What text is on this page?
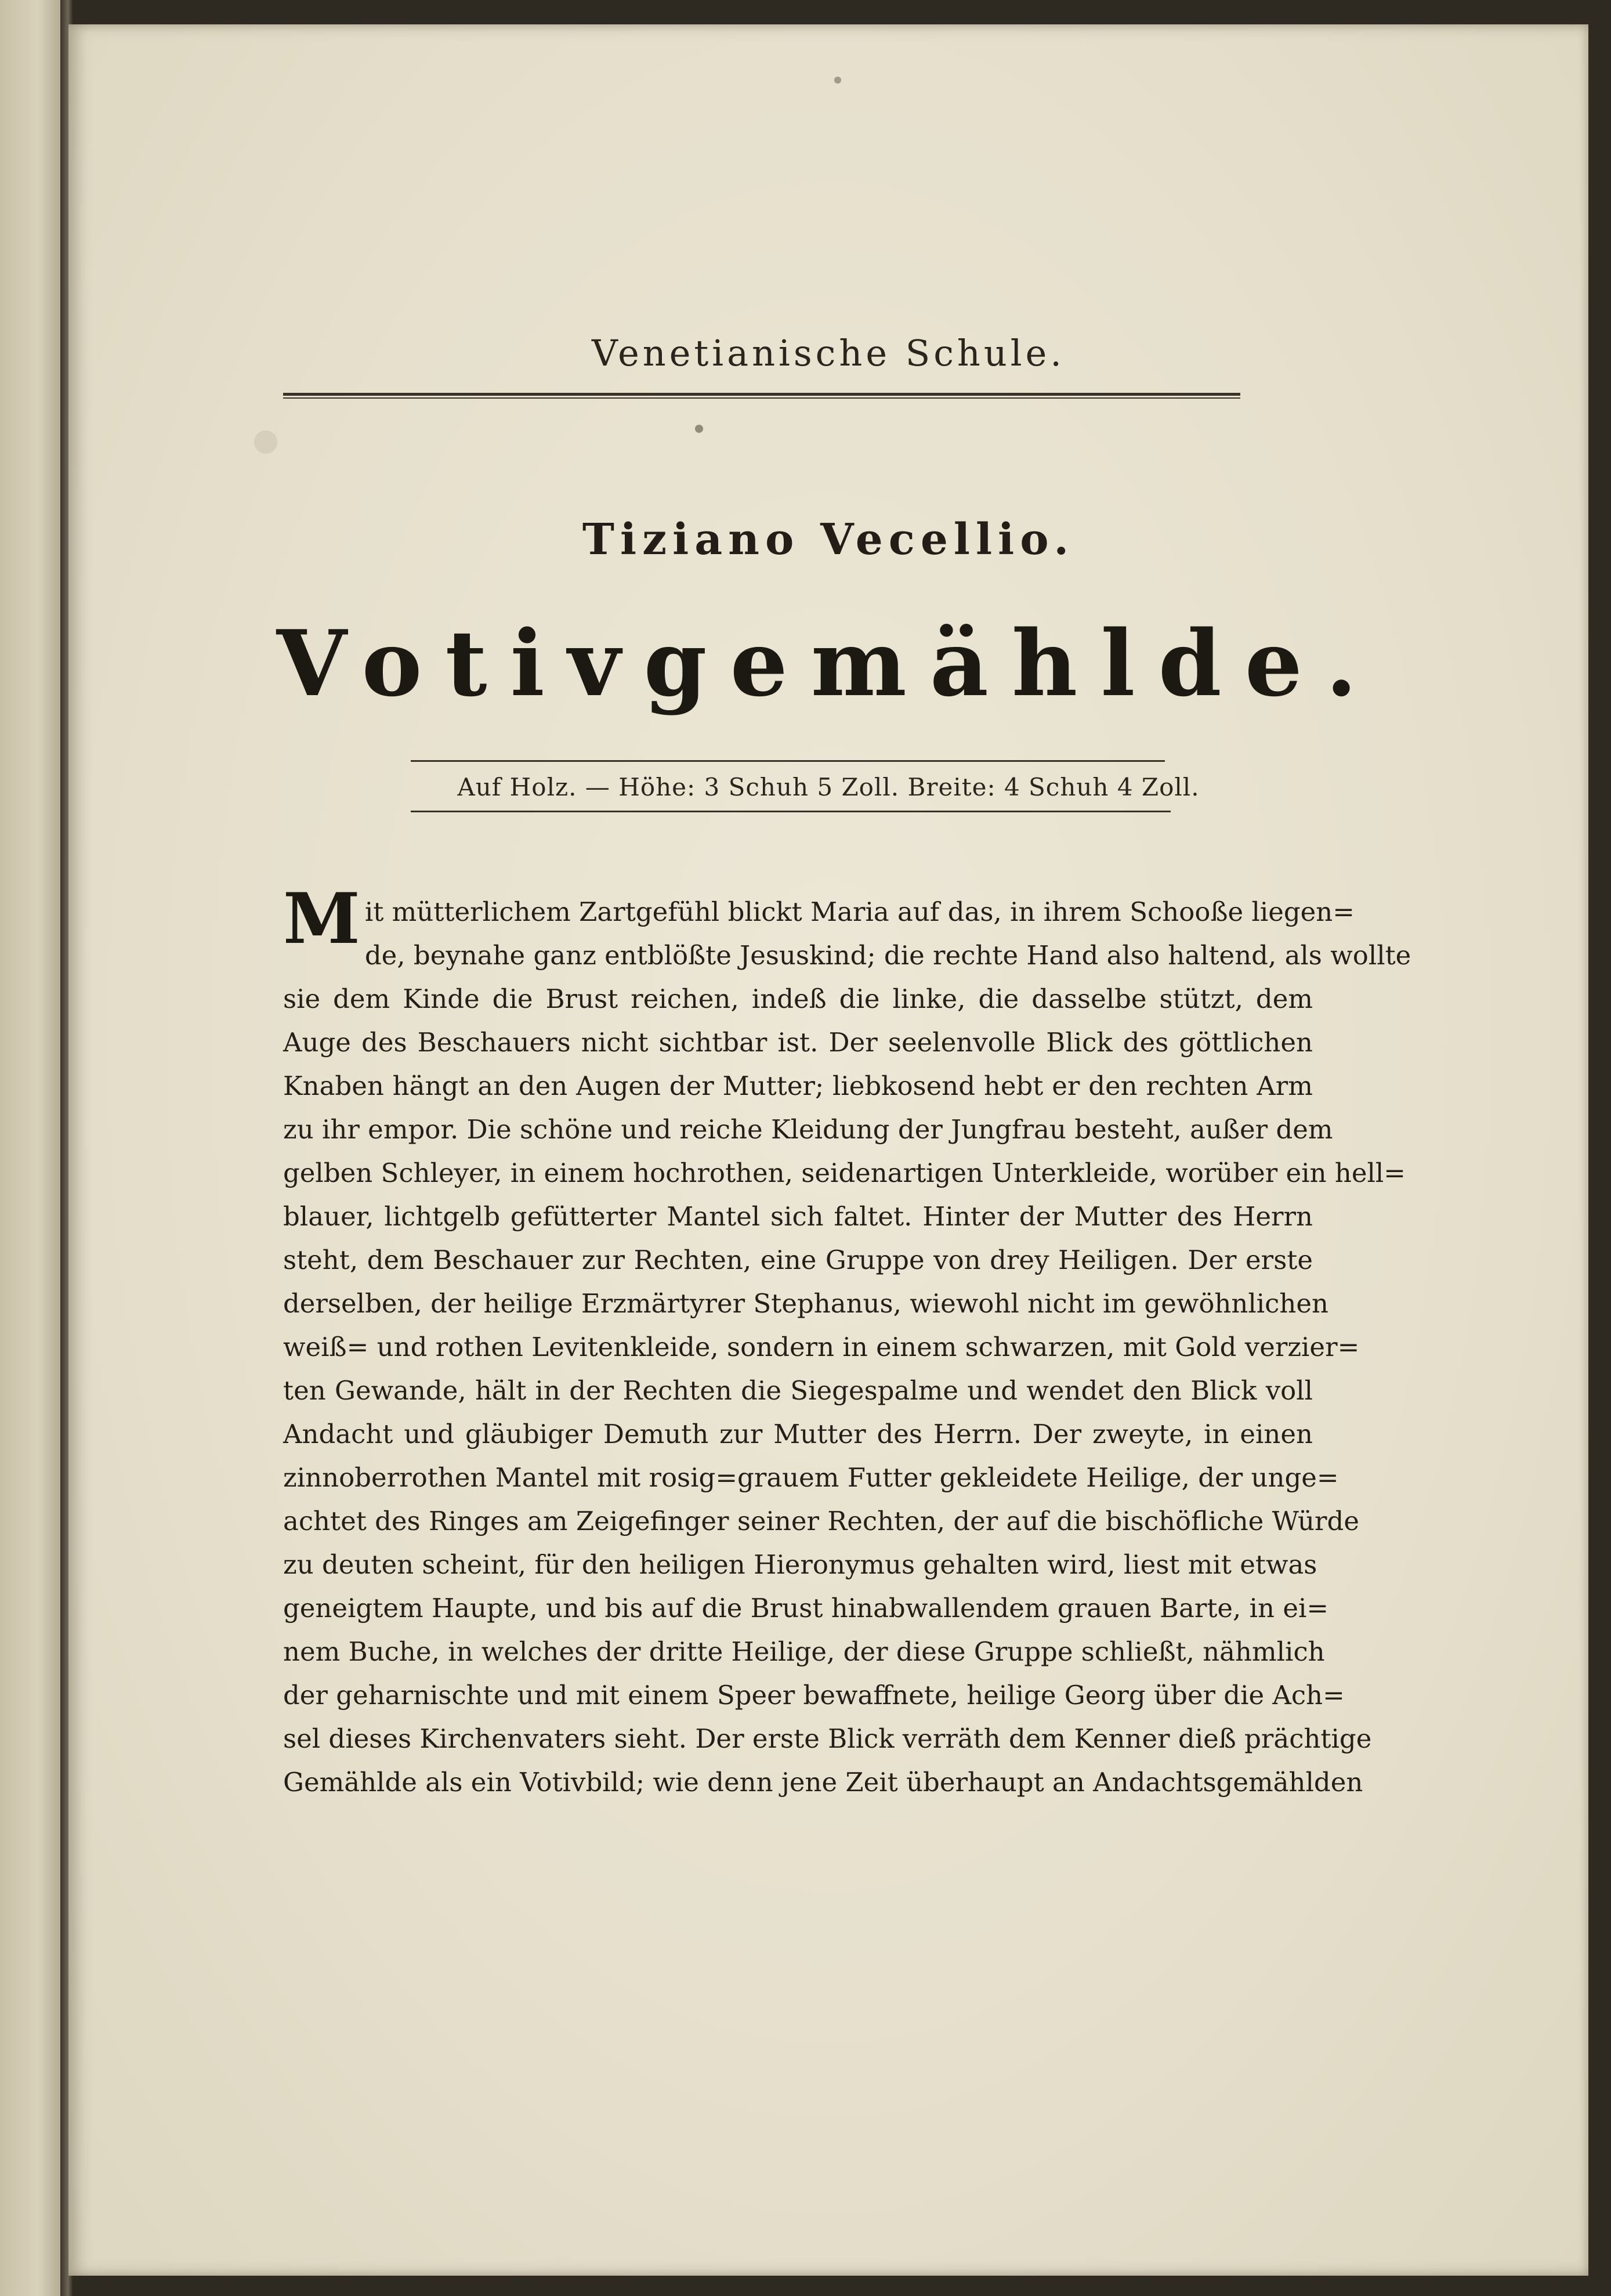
Venetianische Schule.
Tiziano Vecellio.
Votivgemählde.
Auf Holz. — Höhe: 3 Schuh 5 Zoll. Breite: 4 Schuh 4 Zoll.
Mit mütterlichem Zartgefühl blickt Maria auf das, in ihrem Schooße liegen=
de, beynahe ganz entblößte Jesuskind; die rechte Hand also haltend, als wollte
sie dem Kinde die Brust reichen, indeß die linke, die dasselbe stützt, dem
Auge des Beschauers nicht sichtbar ist. Der seelenvolle Blick des göttlichen
Knaben hängt an den Augen der Mutter; liebkosend hebt er den rechten Arm
zu ihr empor. Die schöne und reiche Kleidung der Jungfrau besteht, außer dem
gelben Schleyer, in einem hochrothen, seidenartigen Unterkleide, worüber ein hell=
blauer, lichtgelb gefütterter Mantel sich faltet. Hinter der Mutter des Herrn
steht, dem Beschauer zur Rechten, eine Gruppe von drey Heiligen. Der erste
derselben, der heilige Erzmärtyrer Stephanus, wiewohl nicht im gewöhnlichen
weiß= und rothen Levitenkleide, sondern in einem schwarzen, mit Gold verzier=
ten Gewande, hält in der Rechten die Siegespalme und wendet den Blick voll
Andacht und gläubiger Demuth zur Mutter des Herrn. Der zweyte, in einen
zinnoberrothen Mantel mit rosig=grauem Futter gekleidete Heilige, der unge=
achtet des Ringes am Zeigefinger seiner Rechten, der auf die bischöfliche Würde
zu deuten scheint, für den heiligen Hieronymus gehalten wird, liest mit etwas
geneigtem Haupte, und bis auf die Brust hinabwallendem grauen Barte, in ei=
nem Buche, in welches der dritte Heilige, der diese Gruppe schließt, nähmlich
der geharnischte und mit einem Speer bewaffnete, heilige Georg über die Ach=
sel dieses Kirchenvaters sieht. Der erste Blick verräth dem Kenner dieß prächtige
Gemählde als ein Votivbild; wie denn jene Zeit überhaupt an Andachtsgemählden
